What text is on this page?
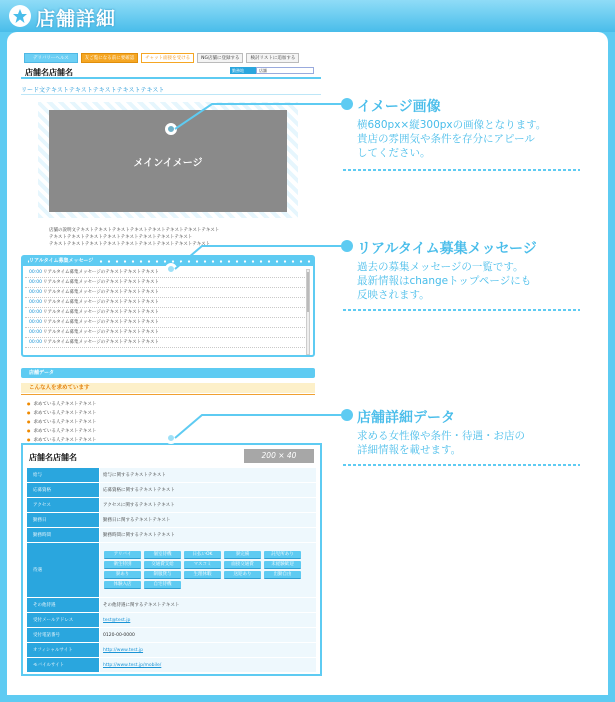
店舗詳細
デリバリーヘルス	友ご覧になる前に要確認	チャット面接を受ける	NG店舗に登録する	検討リストに追加する
店舗名店舗名	勤務地	店舗
リード文テキストテキストテキストテキストテキスト
メインイメージ
店舗の説明文テキストテキストテキストテキストテキストテキストテキストテキスト
テキストテキストテキストテキストテキストテキストテキストテキスト
テキストテキストテキストテキストテキストテキストテキストテキストテキスト
リアルタイム募集メッセージ
00:00 リアルタイム募集メッセージのテキストテキストテキスト
00:00 リアルタイム募集メッセージのテキストテキストテキスト
00:00 リアルタイム募集メッセージのテキストテキストテキスト
00:00 リアルタイム募集メッセージのテキストテキストテキスト
00:00 リアルタイム募集メッセージのテキストテキストテキスト
00:00 リアルタイム募集メッセージのテキストテキストテキスト
00:00 リアルタイム募集メッセージのテキストテキストテキスト
00:00 リアルタイム募集メッセージのテキストテキストテキスト
店舗データ
こんな人を求めています
● 求めている人テキストテキスト
● 求めている人テキストテキスト
● 求めている人テキストテキスト
● 求めている人テキストテキスト
● 求めている人テキストテキスト
店舗名店舗名	200 × 40
給与	給与に関するテキストテキスト
応募資格	応募資格に関するテキストテキスト
アクセス	アクセスに関するテキストテキスト
勤務日	勤務日に関するテキストテキスト
勤務時間	勤務時間に関するテキストテキスト
待遇
アリバイ	個室待機	日払いOK	寮完備	託児所あり
衛生特別	交通費支給	マスコミ	面接交通費	未経験歓迎
寮あり	制服貸与	生理休暇	送迎あり	出勤自由
体験入店	自宅待機
その他待遇	その他待遇に関するテキストテキスト
受付メールアドレス	test@test.jp
受付電話番号	0120-00-0000
オフィシャルサイト	http://www.test.jp
モバイルサイト	http://www.test.jp/mobile/
イメージ画像
横680px×縦300pxの画像となります。
貴店の雰囲気や条件を存分にアピール
してください。
リアルタイム募集メッセージ
過去の募集メッセージの一覧です。
最新情報はchangeトップページにも
反映されます。
店舗詳細データ
求める女性像や条件・待遇・お店の
詳細情報を載せます。
